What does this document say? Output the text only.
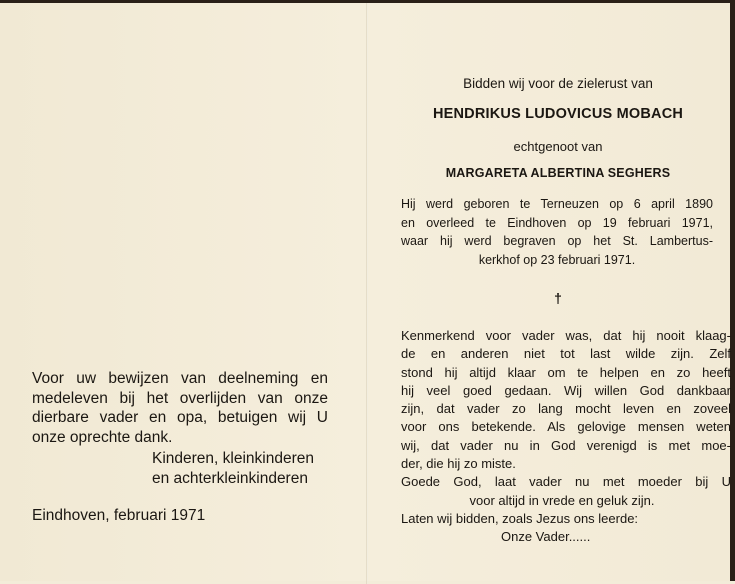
Voor uw bewijzen van deelneming en

medeleven bij het overlijden van onze

dierbare vader en opa, betuigen wij U

onze oprechte dank.

Kinderen, kleinkinderen

en achterkleinkinderen

Eindhoven, februari 1971
Bidden wij voor de zielerust van
HENDRIKUS LUDOVICUS MOBACH
echtgenoot van
MARGARETA ALBERTINA SEGHERS

Hij werd geboren te Terneuzen op 6 april 1890

en overleed te Eindhoven op 19 februari 1971,

waar hij werd begraven op het St. Lambertus-

kerkhof op 23 februari 1971.

†

Kenmerkend voor vader was, dat hij nooit klaag-

de en anderen niet tot last wilde zijn. Zelf

stond hij altijd klaar om te helpen en zo heeft

hij veel goed gedaan. Wij willen God dankbaar

zijn, dat vader zo lang mocht leven en zoveel

voor ons betekende. Als gelovige mensen weten

wij, dat vader nu in God verenigd is met moe-

der, die hij zo miste.

Goede God, laat vader nu met moeder bij U

voor altijd in vrede en geluk zijn.

Laten wij bidden, zoals Jezus ons leerde:

Onze Vader......
